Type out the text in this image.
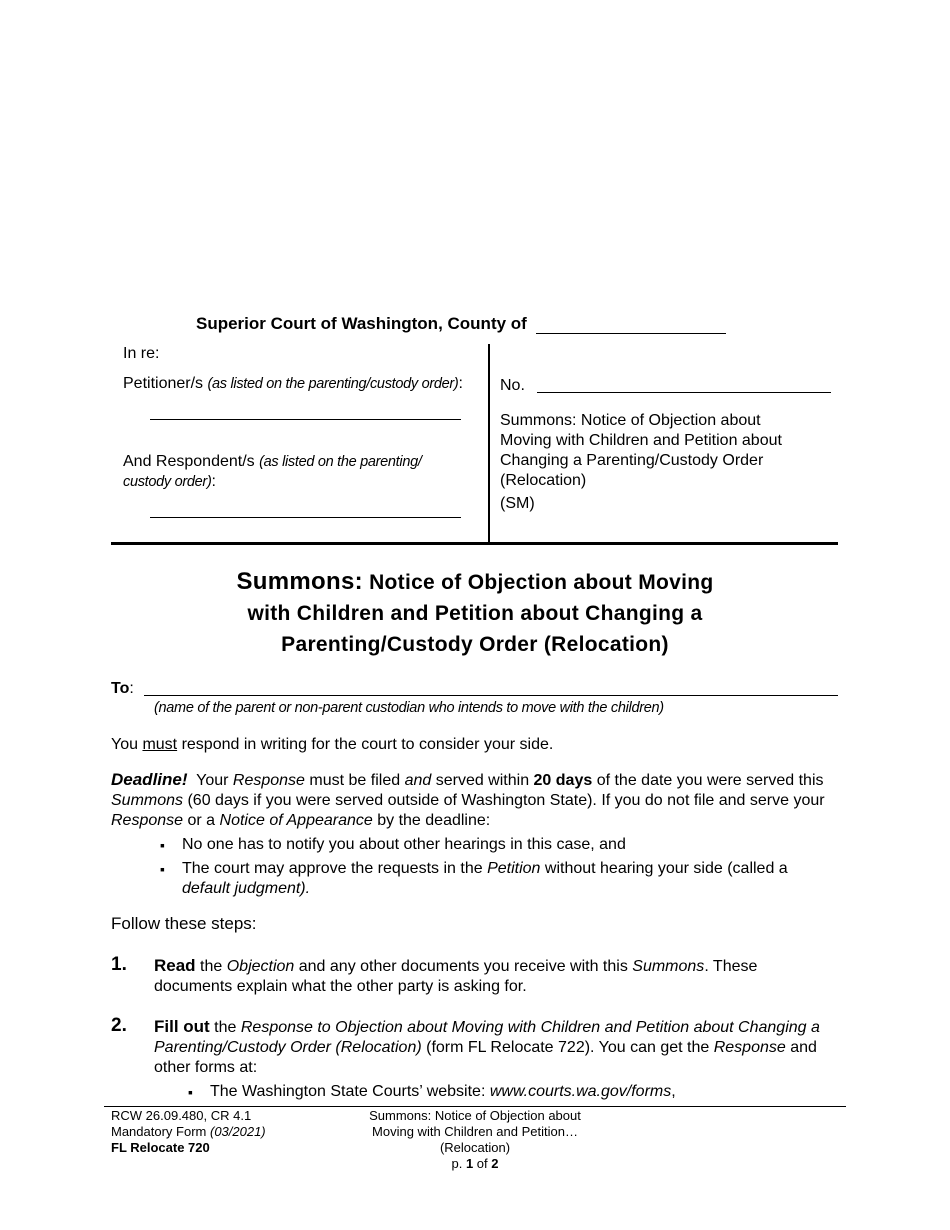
Superior Court of Washington, County of
In re:
Petitioner/s (as listed on the parenting/custody order):
And Respondent/s (as listed on the parenting/
custody order):
No.
Summons: Notice of Objection about
Moving with Children and Petition about
Changing a Parenting/Custody Order
(Relocation)
(SM)
Summons: Notice of Objection about Moving
with Children and Petition about Changing a
Parenting/Custody Order (Relocation)
To:
(name of the parent or non-parent custodian who intends to move with the children)
You must respond in writing for the court to consider your side.
Deadline!  Your Response must be filed and served within 20 days of the date you were served this Summons (60 days if you were served outside of Washington State). If you do not file and serve your Response or a Notice of Appearance by the deadline:
▪ No one has to notify you about other hearings in this case, and
▪ The court may approve the requests in the Petition without hearing your side (called a default judgment).
Follow these steps:
1. Read the Objection and any other documents you receive with this Summons. These documents explain what the other party is asking for.
2. Fill out the Response to Objection about Moving with Children and Petition about Changing a Parenting/Custody Order (Relocation) (form FL Relocate 722). You can get the Response and other forms at:
▪ The Washington State Courts’ website: www.courts.wa.gov/forms,
RCW 26.09.480, CR 4.1
Mandatory Form (03/2021)
FL Relocate 720
Summons: Notice of Objection about
Moving with Children and Petition…
(Relocation)
p. 1 of 2
